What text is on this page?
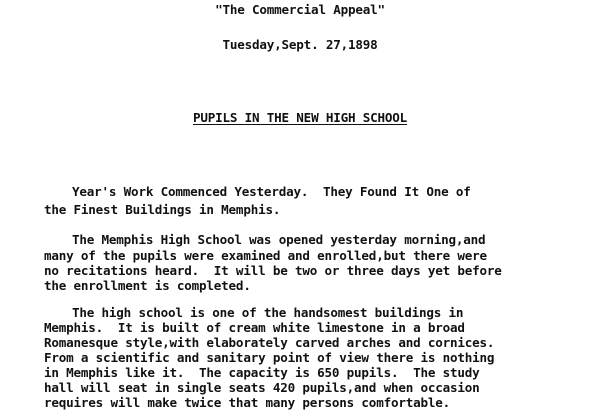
"The Commercial Appeal"
Tuesday,Sept. 27,1898
PUPILS IN THE NEW HIGH SCHOOL
Year's Work Commenced Yesterday.  They Found It One of
the Finest Buildings in Memphis.
The Memphis High School was opened yesterday morning,and
many of the pupils were examined and enrolled,but there were
no recitations heard.  It will be two or three days yet before
the enrollment is completed.
The high school is one of the handsomest buildings in
Memphis.  It is built of cream white limestone in a broad
Romanesque style,with elaborately carved arches and cornices.
From a scientific and sanitary point of view there is nothing
in Memphis like it.  The capacity is 650 pupils.  The study
hall will seat in single seats 420 pupils,and when occasion
requires will make twice that many persons comfortable.
